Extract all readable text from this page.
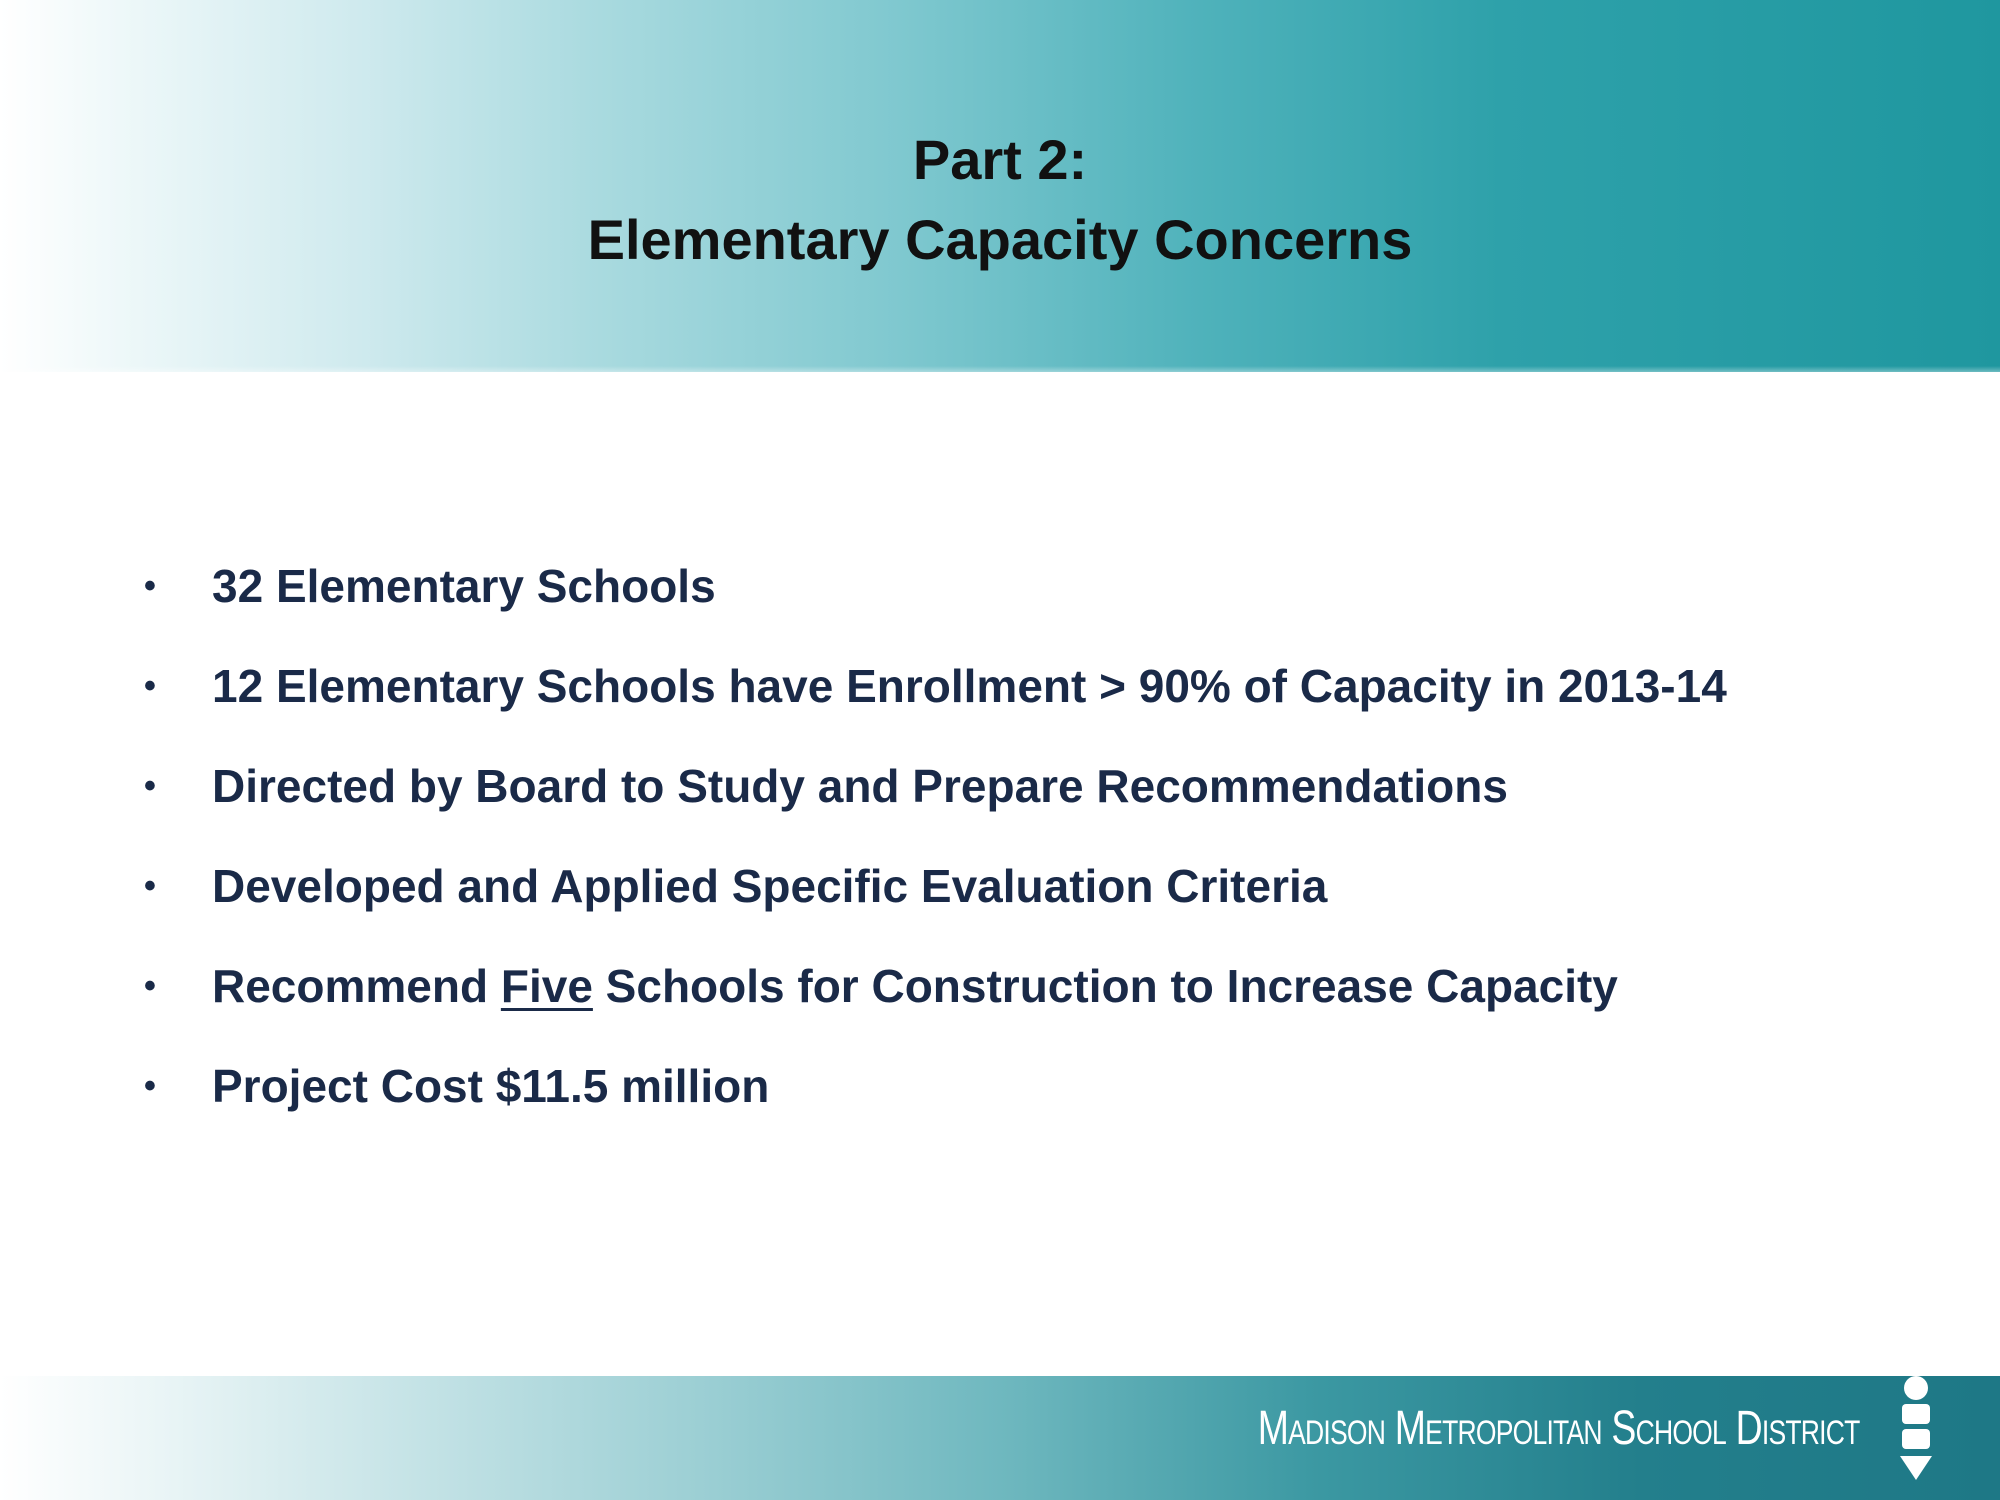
Part 2:
Elementary Capacity Concerns
• 32 Elementary Schools
• 12 Elementary Schools have Enrollment > 90% of Capacity in 2013-14
• Directed by Board to Study and Prepare Recommendations
• Developed and Applied Specific Evaluation Criteria
• Recommend Five Schools for Construction to Increase Capacity
• Project Cost $11.5 million
Madison Metropolitan School District
